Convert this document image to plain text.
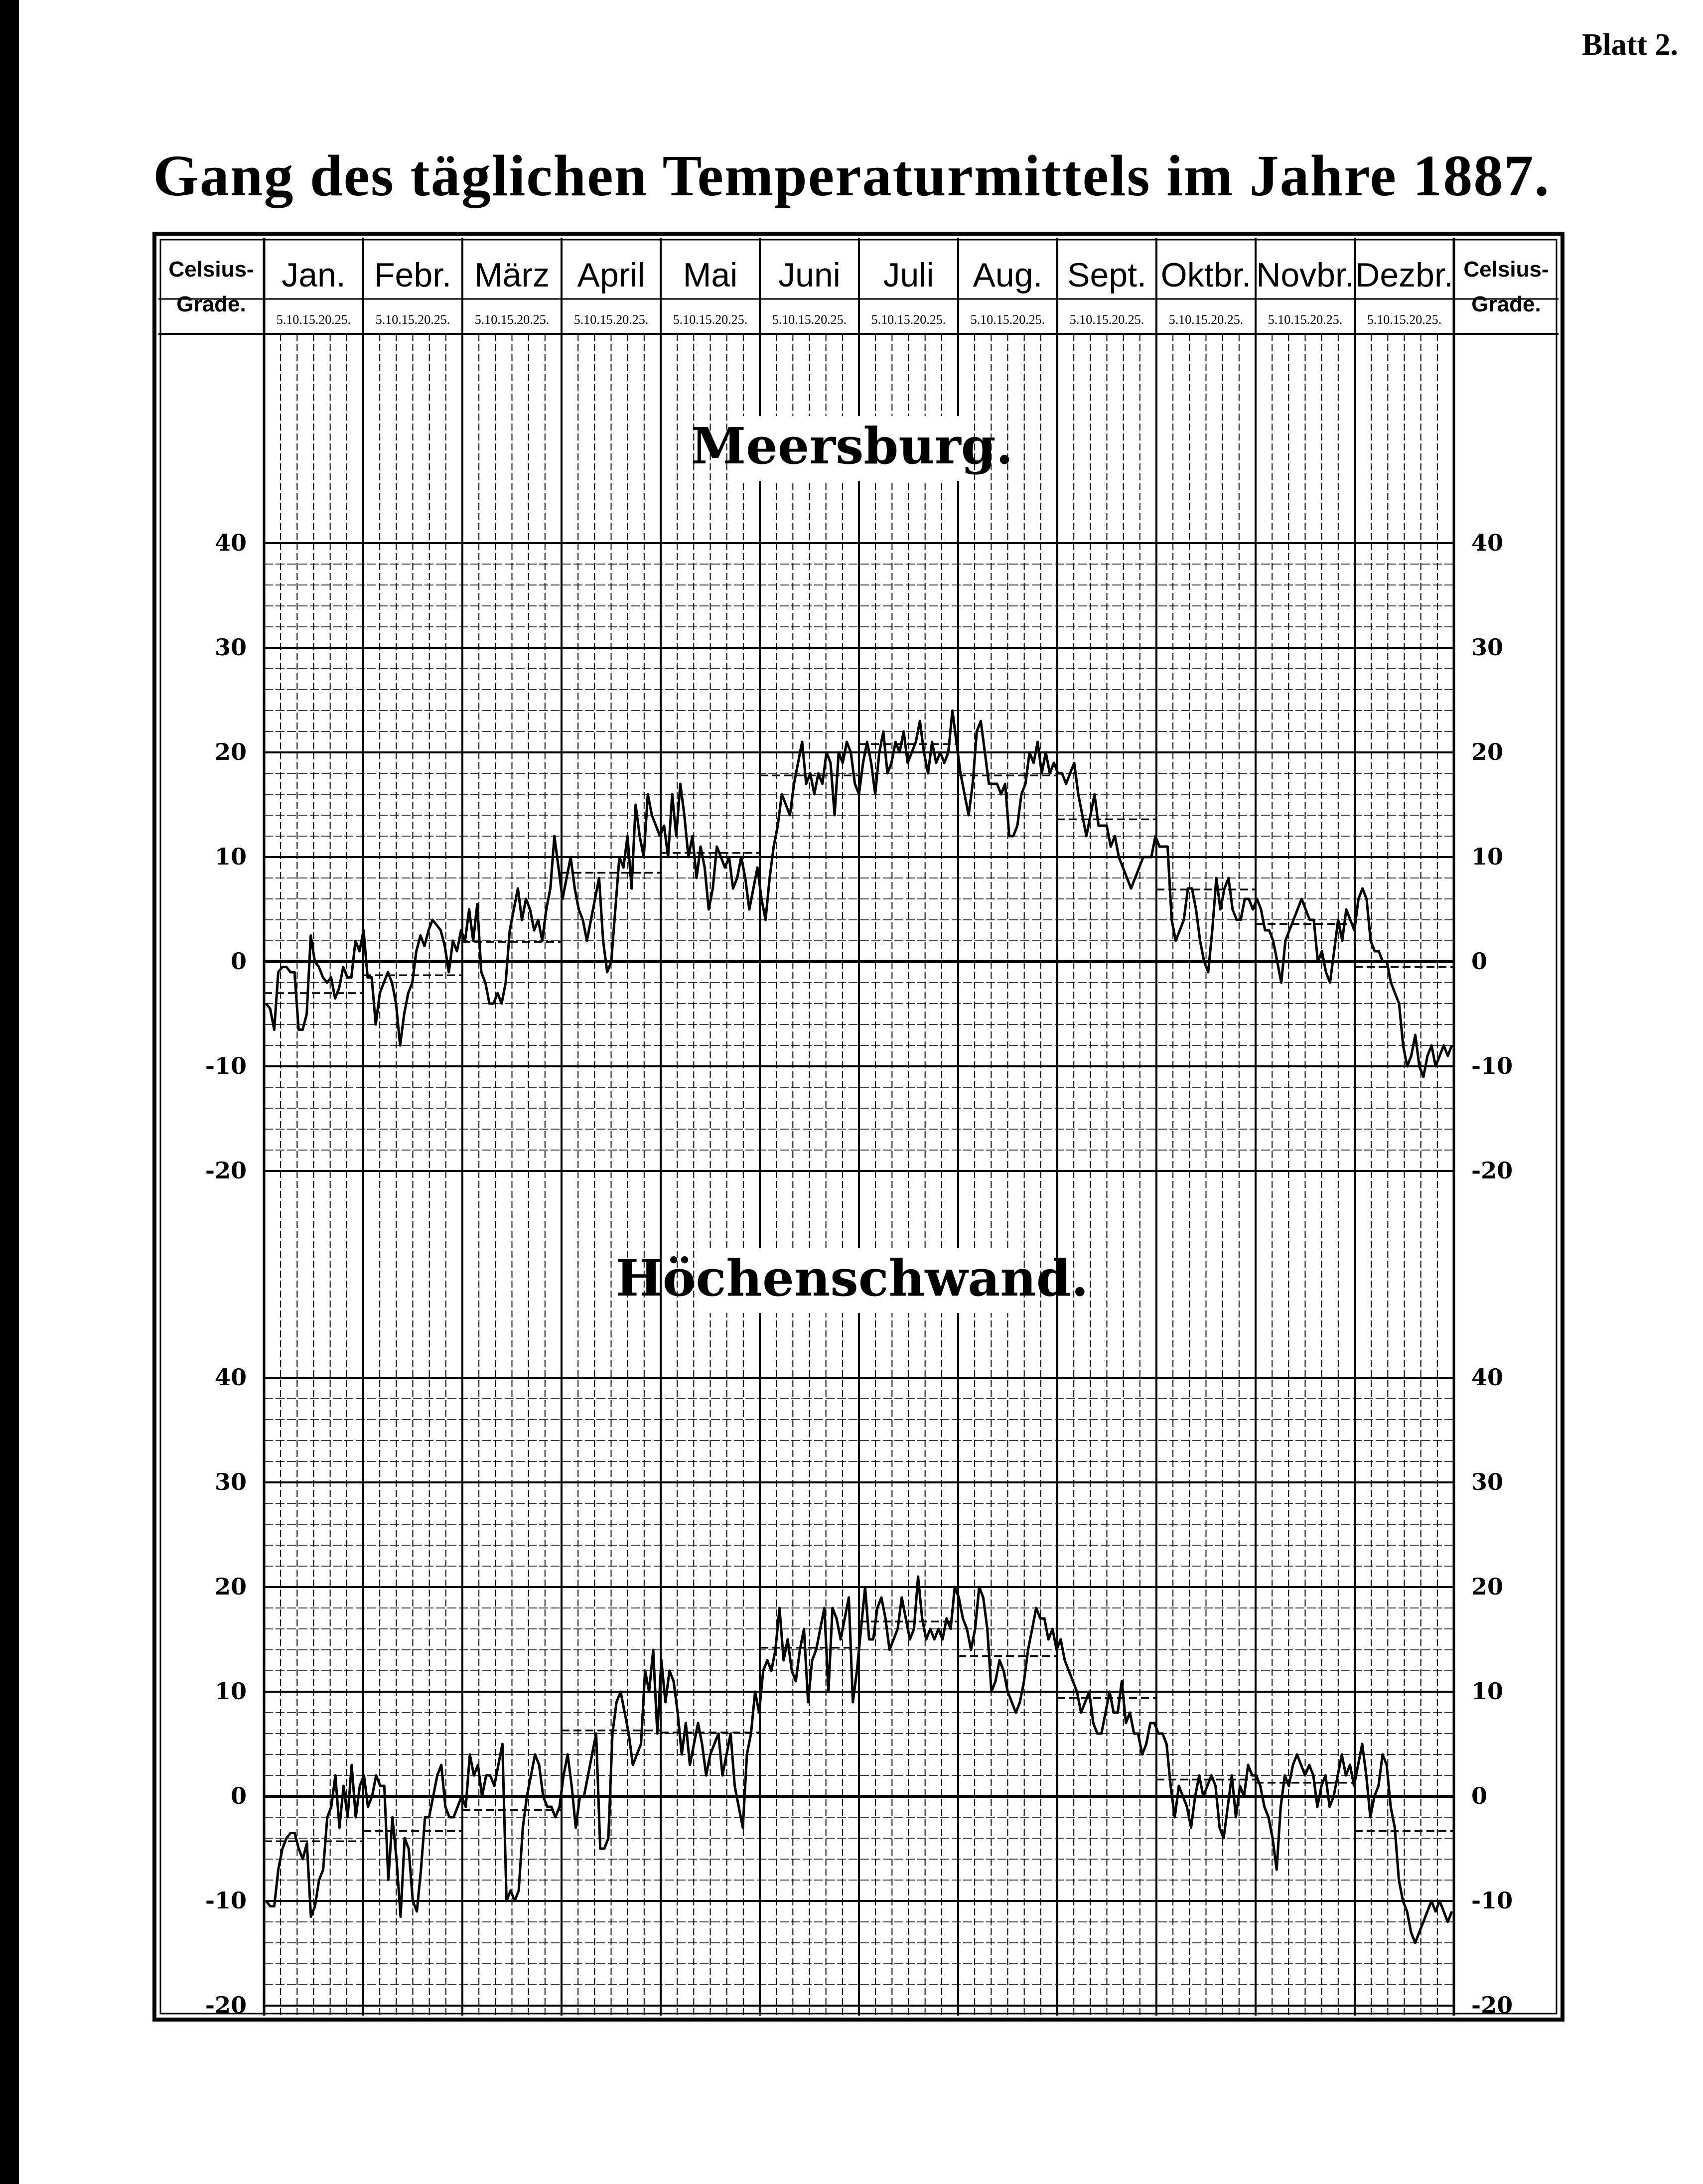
Blatt 2.
Gang des täglichen Temperaturmittels im Jahre 1887.
Jan.
5.10.15.20.25.
Febr.
5.10.15.20.25.
März
5.10.15.20.25.
April
5.10.15.20.25.
Mai
5.10.15.20.25.
Juni
5.10.15.20.25.
Juli
5.10.15.20.25.
Aug.
5.10.15.20.25.
Sept.
5.10.15.20.25.
Oktbr.
5.10.15.20.25.
Novbr.
5.10.15.20.25.
Dezbr.
5.10.15.20.25.
Celsius-
Grade.
Celsius-
Grade.
Meersburg.
40	40
30	30
20	20
10	10
0	0
-10	-10
-20	-20
Höchenschwand.
40	40
30	30
20	20
10	10
0	0
-10	-10
-20	-20
